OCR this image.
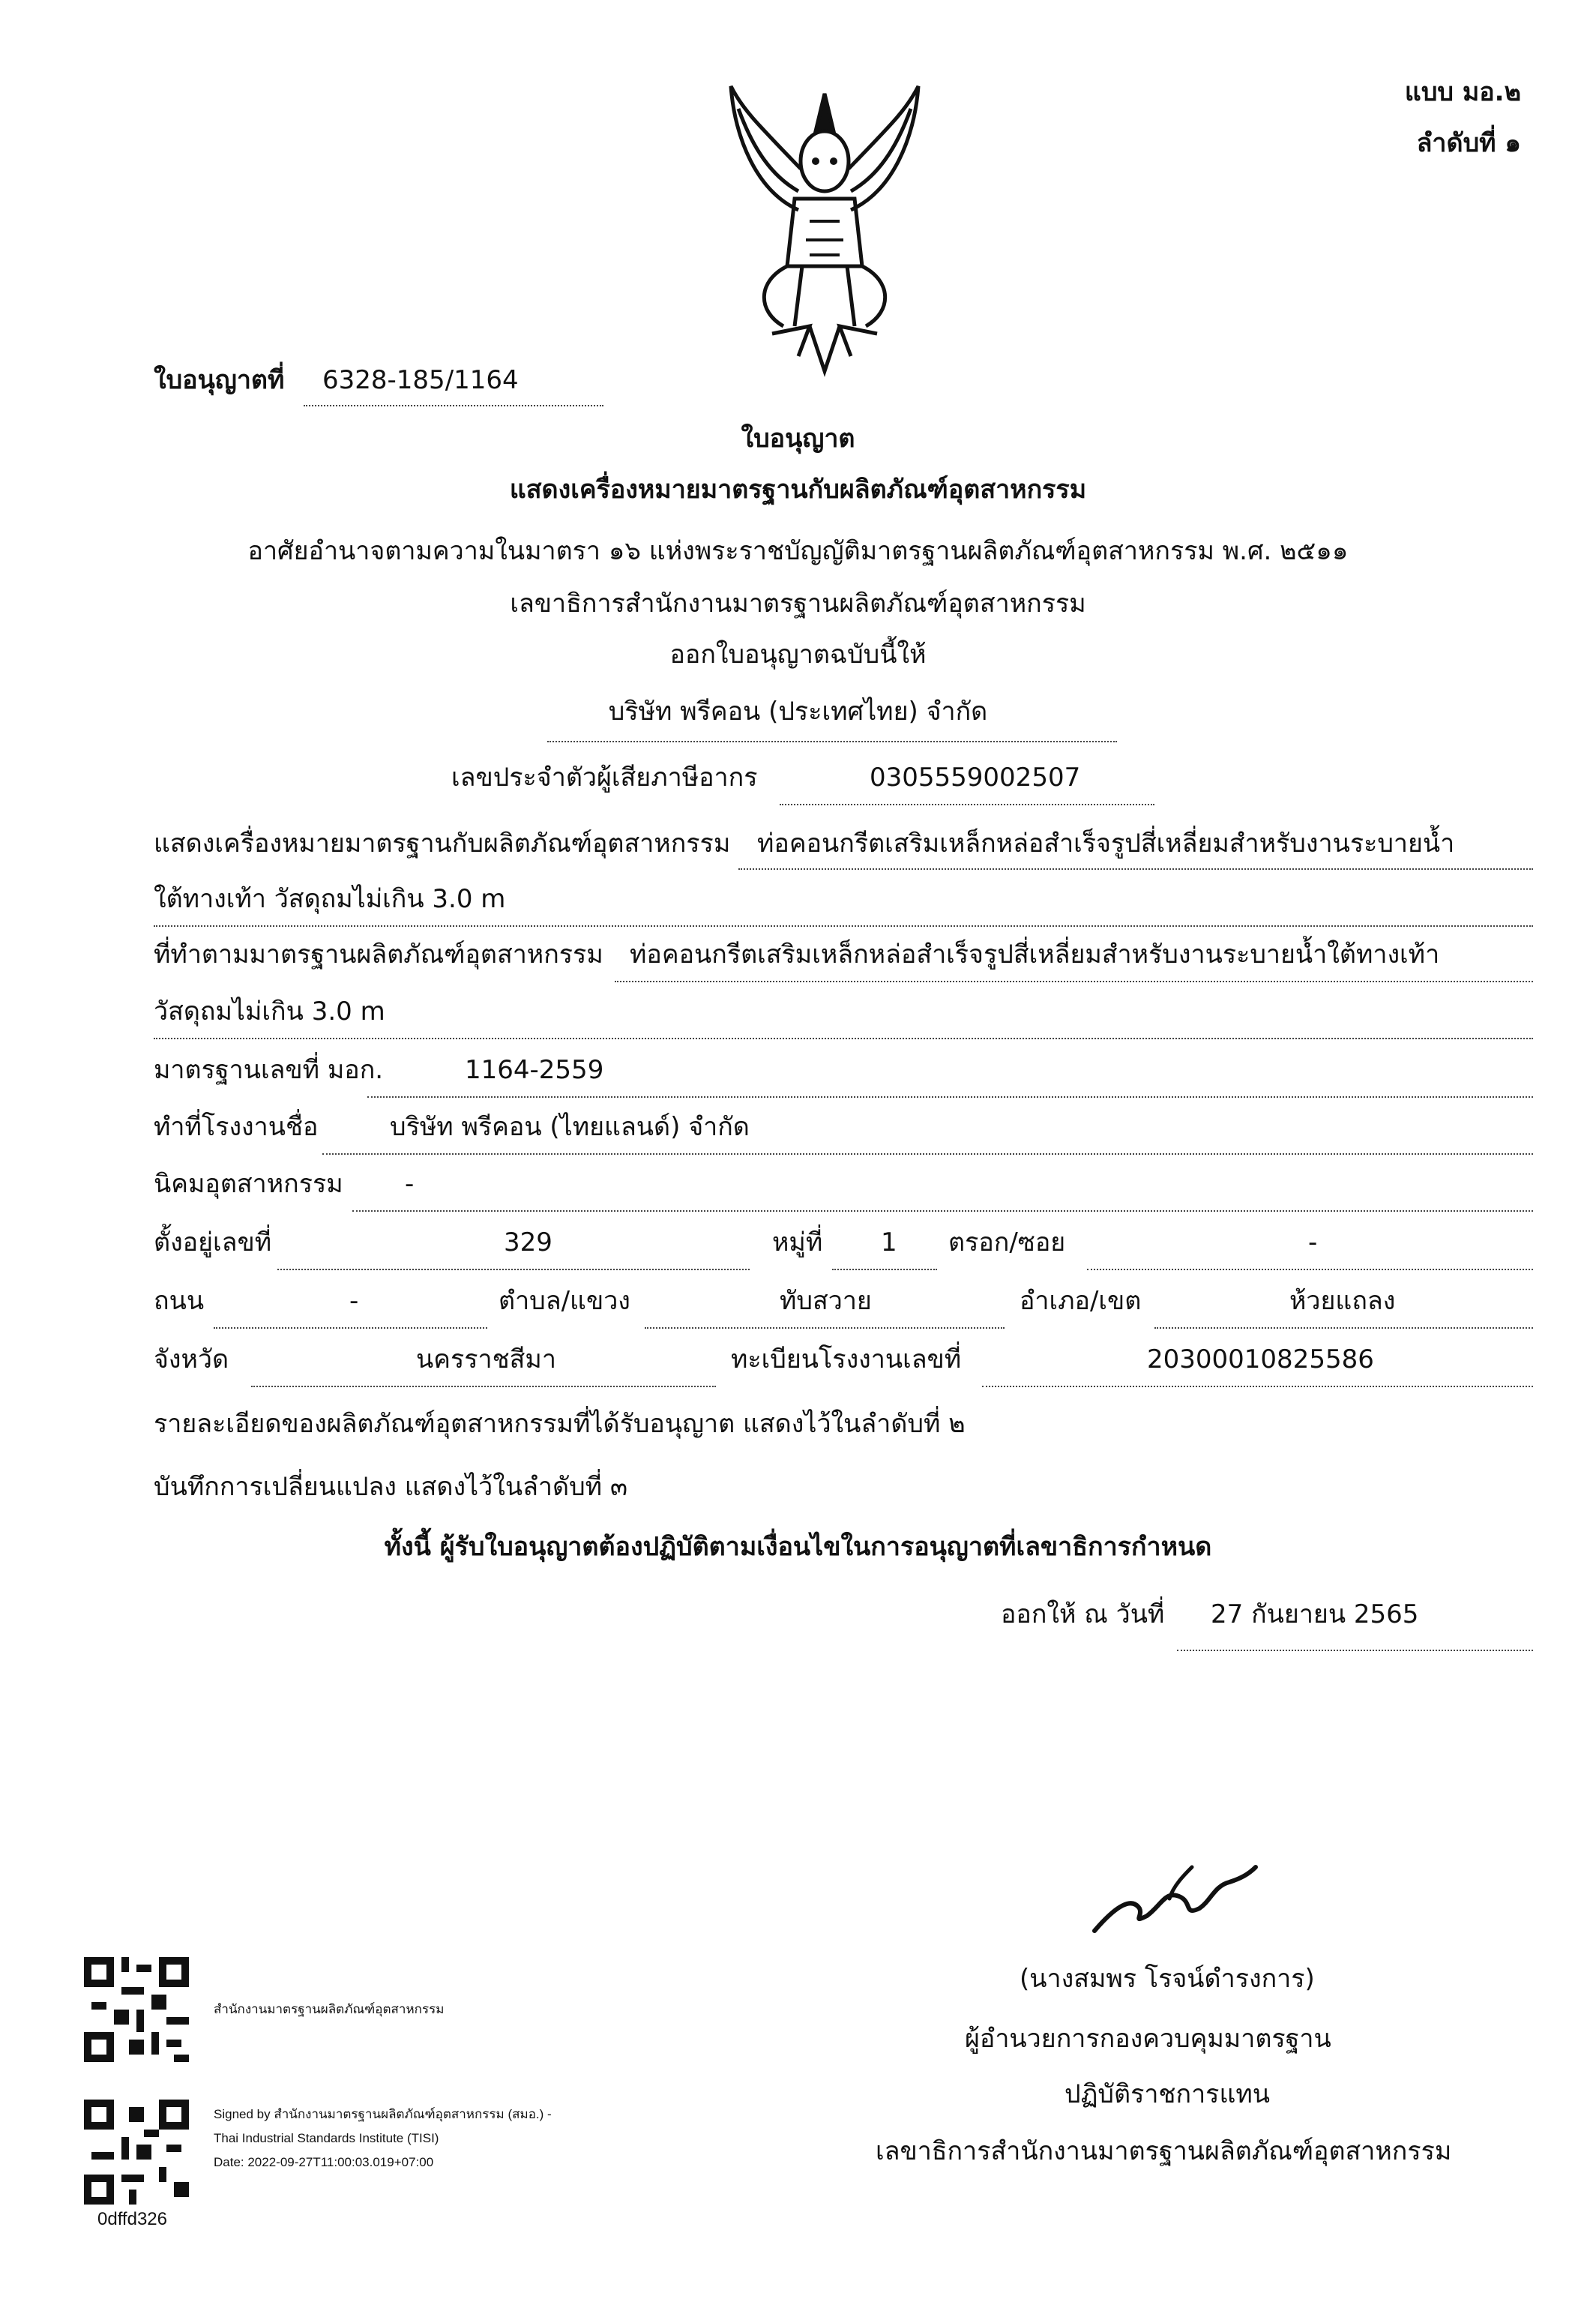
แบบ มอ.๒
ลำดับที่ ๑
ใบอนุญาตที่ 6328-185/1164
ใบอนุญาต
แสดงเครื่องหมายมาตรฐานกับผลิตภัณฑ์อุตสาหกรรม
อาศัยอำนาจตามความในมาตรา ๑๖ แห่งพระราชบัญญัติมาตรฐานผลิตภัณฑ์อุตสาหกรรม พ.ศ. ๒๕๑๑
เลขาธิการสำนักงานมาตรฐานผลิตภัณฑ์อุตสาหกรรม
ออกใบอนุญาตฉบับนี้ให้
บริษัท พรีคอน (ประเทศไทย) จำกัด
เลขประจำตัวผู้เสียภาษีอากร	0305559002507
แสดงเครื่องหมายมาตรฐานกับผลิตภัณฑ์อุตสาหกรรม ท่อคอนกรีตเสริมเหล็กหล่อสำเร็จรูปสี่เหลี่ยมสำหรับงานระบายน้ำ
ใต้ทางเท้า วัสดุถมไม่เกิน 3.0 m
ที่ทำตามมาตรฐานผลิตภัณฑ์อุตสาหกรรม ท่อคอนกรีตเสริมเหล็กหล่อสำเร็จรูปสี่เหลี่ยมสำหรับงานระบายน้ำใต้ทางเท้า
วัสดุถมไม่เกิน 3.0 m
มาตรฐานเลขที่ มอก.	1164-2559
ทำที่โรงงานชื่อ	บริษัท พรีคอน (ไทยแลนด์) จำกัด
นิคมอุตสาหกรรม -
ตั้งอยู่เลขที่	329	หมู่ที่ 1 ตรอก/ซอย	-
ถนน	-	ตำบล/แขวง	ทับสวาย	อำเภอ/เขต	ห้วยแถลง
จังหวัด	นครราชสีมา	ทะเบียนโรงงานเลขที่	20300010825586
รายละเอียดของผลิตภัณฑ์อุตสาหกรรมที่ได้รับอนุญาต แสดงไว้ในลำดับที่ ๒
บันทึกการเปลี่ยนแปลง แสดงไว้ในลำดับที่ ๓
ทั้งนี้ ผู้รับใบอนุญาตต้องปฏิบัติตามเงื่อนไขในการอนุญาตที่เลขาธิการกำหนด
ออกให้ ณ วันที่ 27 กันยายน 2565
(นางสมพร โรจน์ดำรงการ)
ผู้อำนวยการกองควบคุมมาตรฐาน
ปฏิบัติราชการแทน
เลขาธิการสำนักงานมาตรฐานผลิตภัณฑ์อุตสาหกรรม
สำนักงานมาตรฐานผลิตภัณฑ์อุตสาหกรรม
Signed by สำนักงานมาตรฐานผลิตภัณฑ์อุตสาหกรรม (สมอ.) -
Thai Industrial Standards Institute (TISI)
Date: 2022-09-27T11:00:03.019+07:00
0dffd326
